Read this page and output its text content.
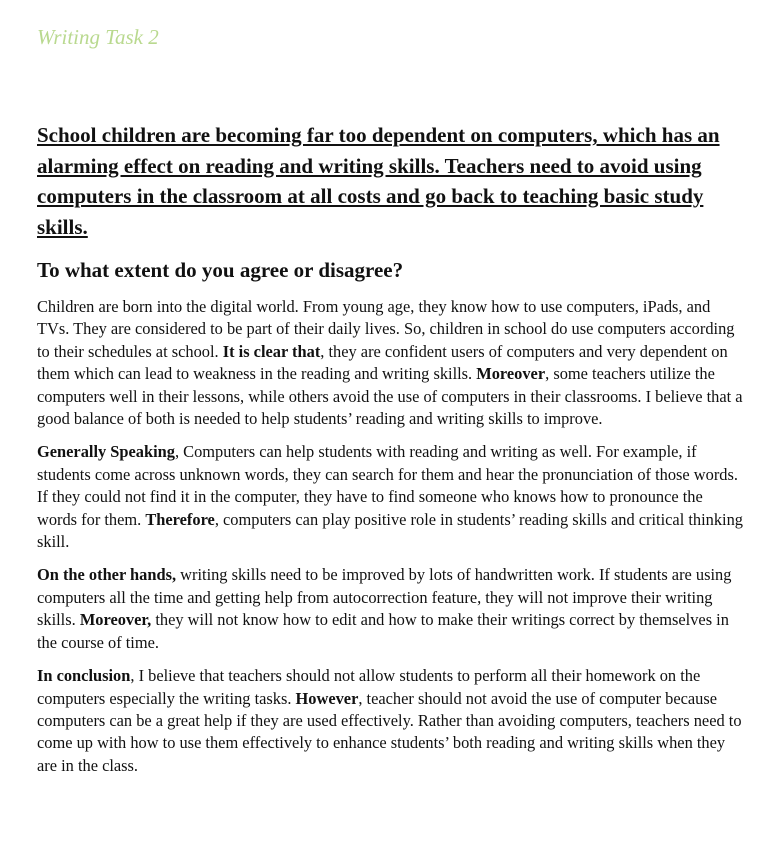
Writing Task 2

School children are becoming far too dependent on computers, which has an alarming effect on reading and writing skills. Teachers need to avoid using computers in the classroom at all costs and go back to teaching basic study skills.

To what extent do you agree or disagree?

Children are born into the digital world. From young age, they know how to use computers, iPads, and TVs. They are considered to be part of their daily lives. So, children in school do use computers according to their schedules at school. It is clear that, they are confident users of computers and very dependent on them which can lead to weakness in the reading and writing skills. Moreover, some teachers utilize the computers well in their lessons, while others avoid the use of computers in their classrooms. I believe that a good balance of both is needed to help students’ reading and writing skills to improve.

Generally Speaking, Computers can help students with reading and writing as well. For example, if students come across unknown words, they can search for them and hear the pronunciation of those words. If they could not find it in the computer, they have to find someone who knows how to pronounce the words for them. Therefore, computers can play positive role in students’ reading skills and critical thinking skill.

On the other hands, writing skills need to be improved by lots of handwritten work. If students are using computers all the time and getting help from autocorrection feature, they will not improve their writing skills. Moreover, they will not know how to edit and how to make their writings correct by themselves in the course of time.

In conclusion, I believe that teachers should not allow students to perform all their homework on the computers especially the writing tasks. However, teacher should not avoid the use of computer because computers can be a great help if they are used effectively. Rather than avoiding computers, teachers need to come up with how to use them effectively to enhance students’ both reading and writing skills when they are in the class.
